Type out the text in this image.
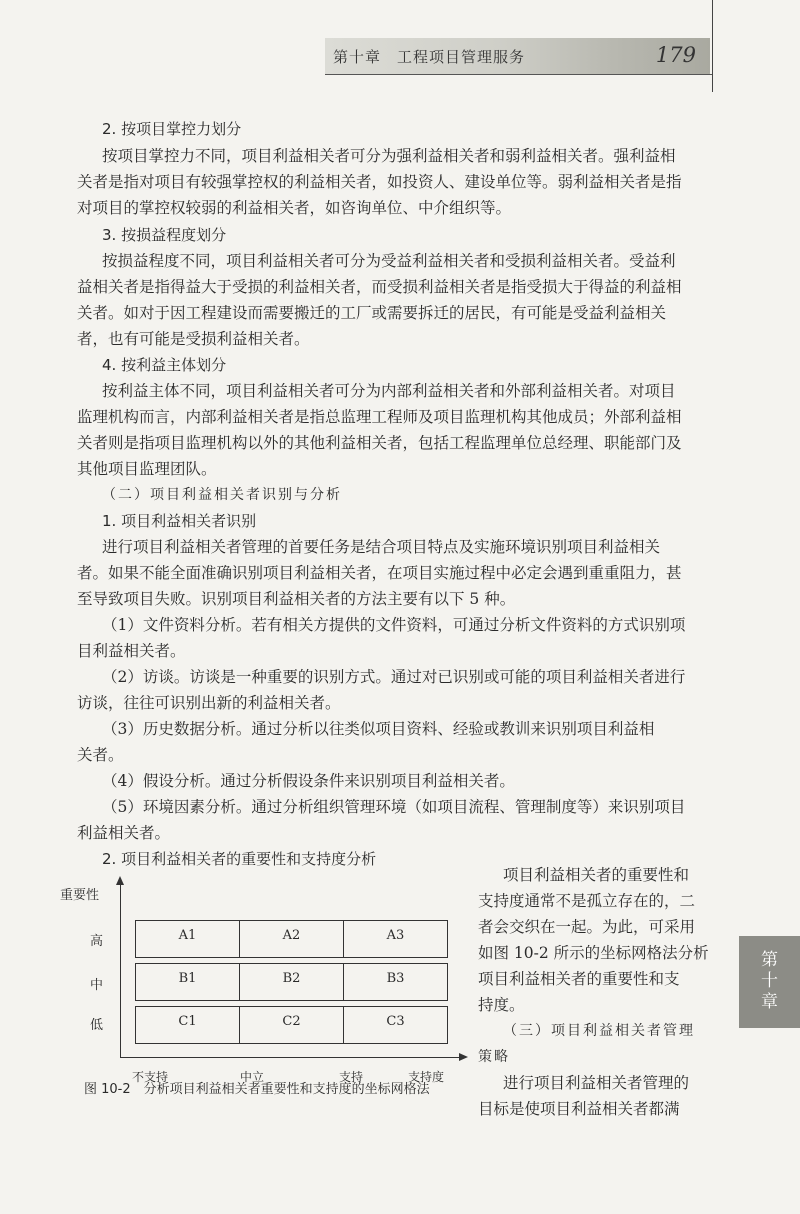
第十章　工程项目管理服务	179
第
十
章
2. 按项目掌控力划分
按项目掌控力不同，项目利益相关者可分为强利益相关者和弱利益相关者。强利益相
关者是指对项目有较强掌控权的利益相关者，如投资人、建设单位等。弱利益相关者是指
对项目的掌控权较弱的利益相关者，如咨询单位、中介组织等。
3. 按损益程度划分
按损益程度不同，项目利益相关者可分为受益利益相关者和受损利益相关者。受益利
益相关者是指得益大于受损的利益相关者，而受损利益相关者是指受损大于得益的利益相
关者。如对于因工程建设而需要搬迁的工厂或需要拆迁的居民，有可能是受益利益相关
者，也有可能是受损利益相关者。
4. 按利益主体划分
按利益主体不同，项目利益相关者可分为内部利益相关者和外部利益相关者。对项目
监理机构而言，内部利益相关者是指总监理工程师及项目监理机构其他成员；外部利益相
关者则是指项目监理机构以外的其他利益相关者，包括工程监理单位总经理、职能部门及
其他项目监理团队。
（二）项目利益相关者识别与分析
1. 项目利益相关者识别
进行项目利益相关者管理的首要任务是结合项目特点及实施环境识别项目利益相关
者。如果不能全面准确识别项目利益相关者，在项目实施过程中必定会遇到重重阻力，甚
至导致项目失败。识别项目利益相关者的方法主要有以下 5 种。
（1）文件资料分析。若有相关方提供的文件资料，可通过分析文件资料的方式识别项
目利益相关者。
（2）访谈。访谈是一种重要的识别方式。通过对已识别或可能的项目利益相关者进行
访谈，往往可识别出新的利益相关者。
（3）历史数据分析。通过分析以往类似项目资料、经验或教训来识别项目利益相
关者。
（4）假设分析。通过分析假设条件来识别项目利益相关者。
（5）环境因素分析。通过分析组织管理环境（如项目流程、管理制度等）来识别项目
利益相关者。
2. 项目利益相关者的重要性和支持度分析
重要性
高
中
低
A1	A2	A3
B1	B2	B3
C1	C2	C3
不支持	中立	支持	支持度
图 10-2　分析项目利益相关者重要性和支持度的坐标网格法
项目利益相关者的重要性和
支持度通常不是孤立存在的，二
者会交织在一起。为此，可采用
如图 10-2 所示的坐标网格法分析
项目利益相关者的重要性和支
持度。
（三）项目利益相关者管理
策略
进行项目利益相关者管理的
目标是使项目利益相关者都满
